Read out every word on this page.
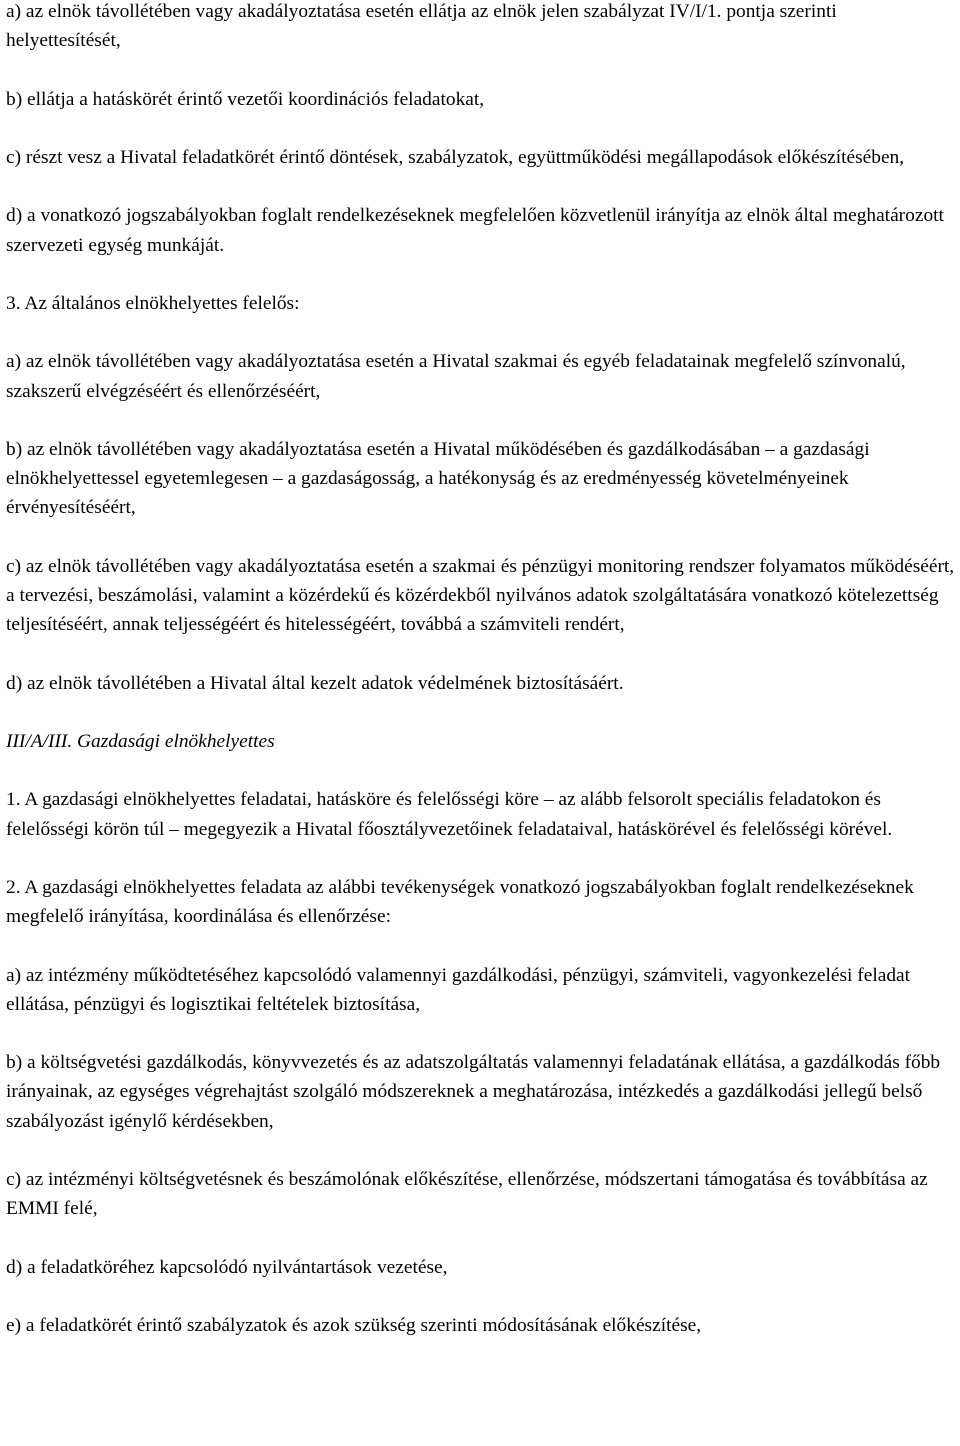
a) az elnök távollétében vagy akadályoztatása esetén ellátja az elnök jelen szabályzat IV/I/1. pontja szerinti helyettesítését,

b) ellátja a hatáskörét érintő vezetői koordinációs feladatokat,

c) részt vesz a Hivatal feladatkörét érintő döntések, szabályzatok, együttműködési megállapodások előkészítésében,

d) a vonatkozó jogszabályokban foglalt rendelkezéseknek megfelelően közvetlenül irányítja az elnök által meghatározott szervezeti egység munkáját.

3. Az általános elnökhelyettes felelős:

a) az elnök távollétében vagy akadályoztatása esetén a Hivatal szakmai és egyéb feladatainak megfelelő színvonalú, szakszerű elvégzéséért és ellenőrzéséért,

b) az elnök távollétében vagy akadályoztatása esetén a Hivatal működésében és gazdálkodásában – a gazdasági elnökhelyettessel egyetemlegesen – a gazdaságosság, a hatékonyság és az eredményesség követelményeinek érvényesítéséért,

c) az elnök távollétében vagy akadályoztatása esetén a szakmai és pénzügyi monitoring rendszer folyamatos működéséért, a tervezési, beszámolási, valamint a közérdekű és közérdekből nyilvános adatok szolgáltatására vonatkozó kötelezettség teljesítéséért, annak teljességéért és hitelességéért, továbbá a számviteli rendért,

d) az elnök távollétében a Hivatal által kezelt adatok védelmének biztosításáért.

III/A/III. Gazdasági elnökhelyettes

1. A gazdasági elnökhelyettes feladatai, hatásköre és felelősségi köre – az alább felsorolt speciális feladatokon és felelősségi körön túl – megegyezik a Hivatal főosztályvezetőinek feladataival, hatáskörével és felelősségi körével.

2. A gazdasági elnökhelyettes feladata az alábbi tevékenységek vonatkozó jogszabályokban foglalt rendelkezéseknek megfelelő irányítása, koordinálása és ellenőrzése:

a) az intézmény működtetéséhez kapcsolódó valamennyi gazdálkodási, pénzügyi, számviteli, vagyonkezelési feladat ellátása, pénzügyi és logisztikai feltételek biztosítása,

b) a költségvetési gazdálkodás, könyvvezetés és az adatszolgáltatás valamennyi feladatának ellátása, a gazdálkodás főbb irányainak, az egységes végrehajtást szolgáló módszereknek a meghatározása, intézkedés a gazdálkodási jellegű belső szabályozást igénylő kérdésekben,

c) az intézményi költségvetésnek és beszámolónak előkészítése, ellenőrzése, módszertani támogatása és továbbítása az EMMI felé,

d) a feladatköréhez kapcsolódó nyilvántartások vezetése,

e) a feladatkörét érintő szabályzatok és azok szükség szerinti módosításának előkészítése,
